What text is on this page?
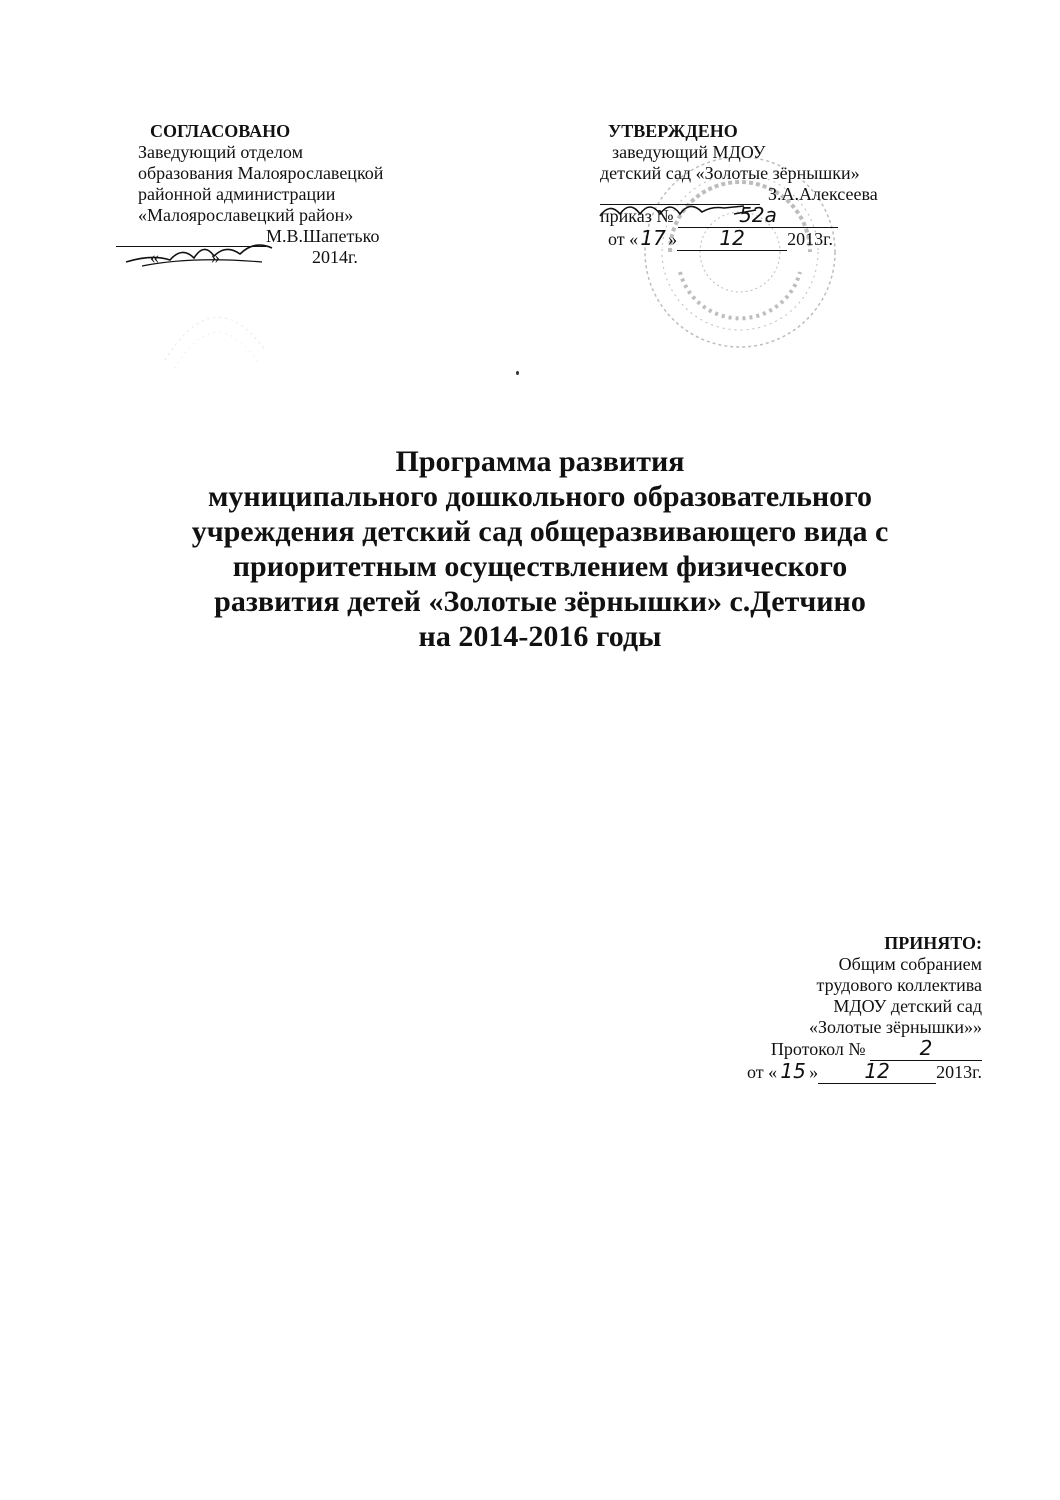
СОГЛАСОВАНО
Заведующий отделом
образования Малоярославецкой
районной администрации
«Малоярославецкий район»
М.В.Шапетько
«	»	2014г.
УТВЕРЖДЕНО
заведующий МДОУ
детский сад «Золотые зёрнышки»
З.А.Алексеева
приказ №	52а
от « 17 » 12 2013г.
Программа развития
муниципального дошкольного образовательного
учреждения детский сад общеразвивающего вида с
приоритетным осуществлением физического
развития детей «Золотые зёрнышки» с.Детчино
на 2014-2016 годы
ПРИНЯТО:
Общим собранием
трудового коллектива
МДОУ детский сад
«Золотые зёрнышки»»
Протокол №	2
от « 15 » 12	2013г.
